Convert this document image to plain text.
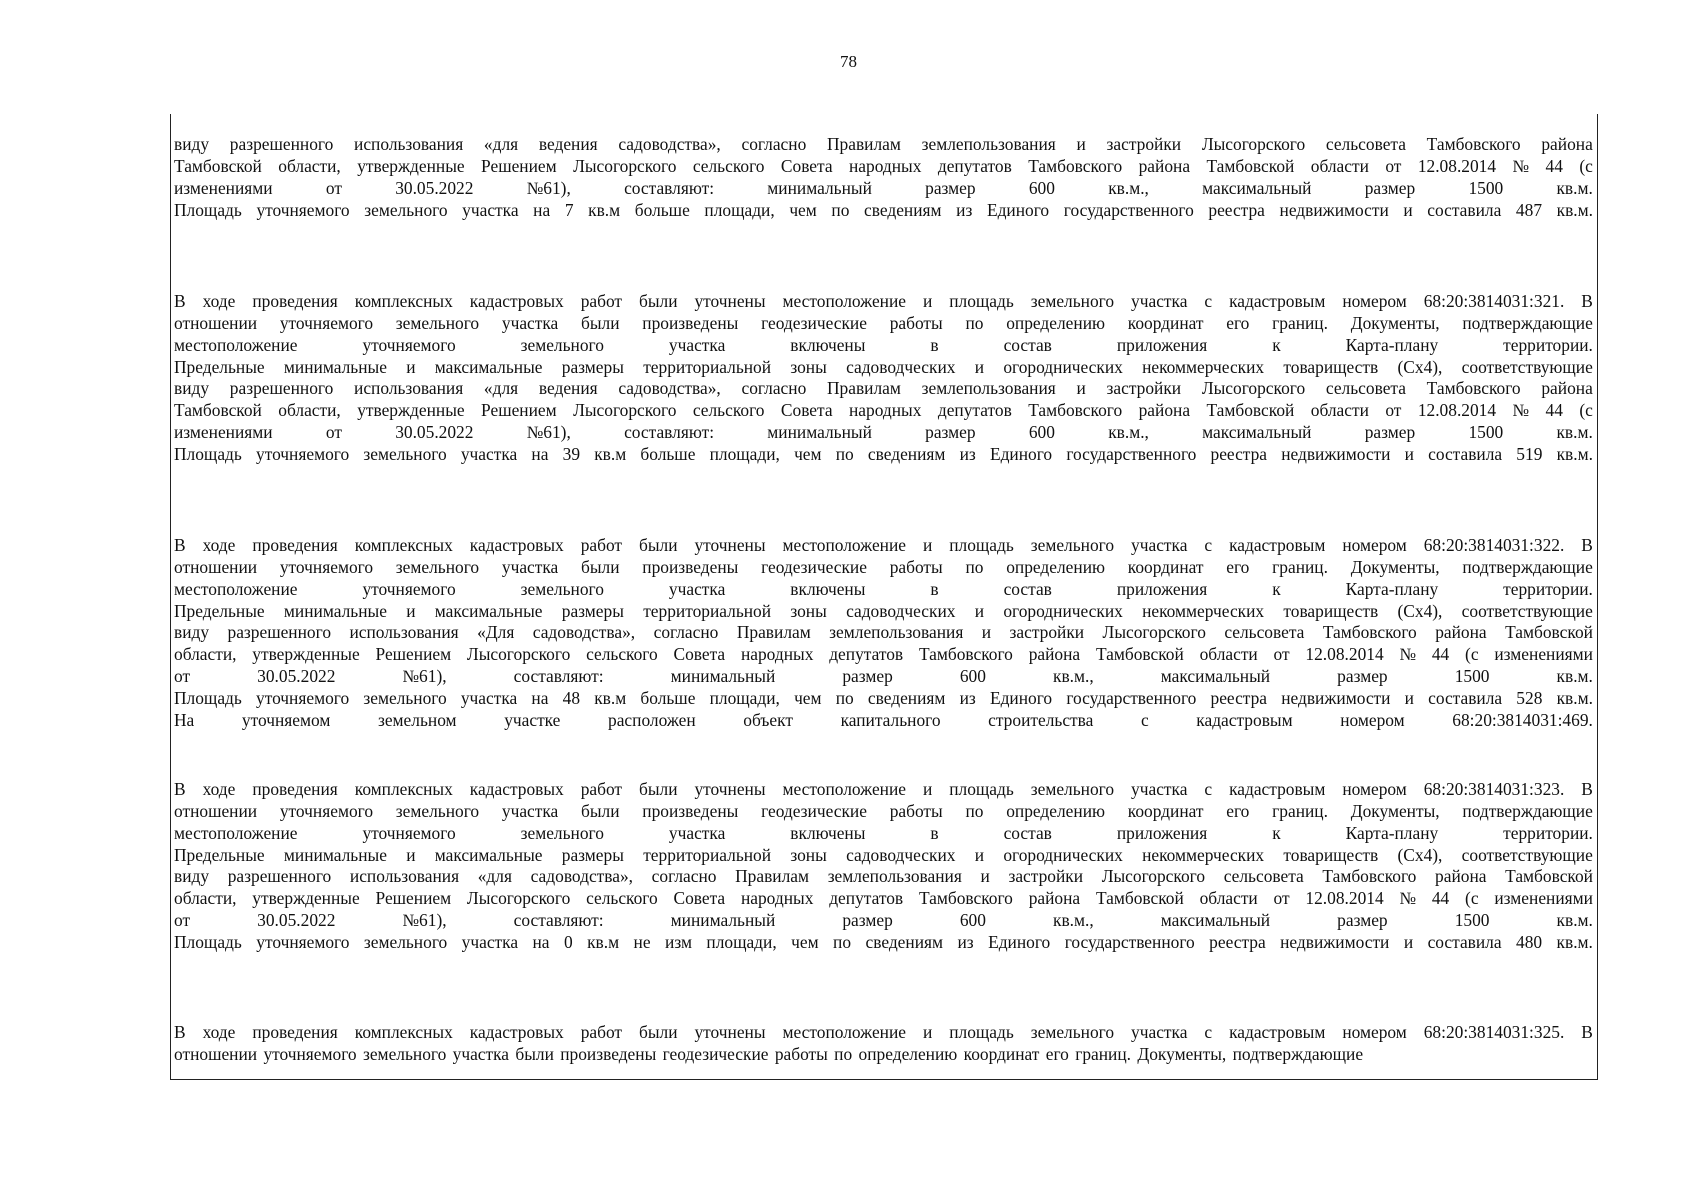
78
виду разрешенного использования «для ведения садоводства», согласно Правилам землепользования и застройки Лысогорского сельсовета Тамбовского района
Тамбовской области, утвержденные Решением Лысогорского сельского Совета народных депутатов Тамбовского района Тамбовской области от 12.08.2014 № 44 (с
изменениями	от	30.05.2022	№61),	составляют:	минимальный	размер	600	кв.м.,	максимальный	размер	1500	кв.м.
Площадь уточняемого земельного участка на 7 кв.м больше площади, чем по сведениям из Единого государственного реестра недвижимости и составила 487 кв.м.
В ходе проведения комплексных кадастровых работ были уточнены местоположение и площадь земельного участка с кадастровым номером 68:20:3814031:321. В
отношении уточняемого земельного участка были произведены геодезические работы по определению координат его границ. Документы, подтверждающие
местоположение	уточняемого	земельного	участка	включены	в	состав	приложения	к	Карта-плану	территории.
Предельные минимальные и максимальные размеры территориальной зоны садоводческих и огороднических некоммерческих товариществ (Сх4), соответствующие
виду разрешенного использования «для ведения садоводства», согласно Правилам землепользования и застройки Лысогорского сельсовета Тамбовского района
Тамбовской области, утвержденные Решением Лысогорского сельского Совета народных депутатов Тамбовского района Тамбовской области от 12.08.2014 № 44 (с
изменениями	от	30.05.2022	№61),	составляют:	минимальный	размер	600	кв.м.,	максимальный	размер	1500	кв.м.
Площадь уточняемого земельного участка на 39 кв.м больше площади, чем по сведениям из Единого государственного реестра недвижимости и составила 519 кв.м.
В ходе проведения комплексных кадастровых работ были уточнены местоположение и площадь земельного участка с кадастровым номером 68:20:3814031:322. В
отношении уточняемого земельного участка были произведены геодезические работы по определению координат его границ. Документы, подтверждающие
местоположение	уточняемого	земельного	участка	включены	в	состав	приложения	к	Карта-плану	территории.
Предельные минимальные и максимальные размеры территориальной зоны садоводческих и огороднических некоммерческих товариществ (Сх4), соответствующие
виду разрешенного использования «Для садоводства», согласно Правилам землепользования и застройки Лысогорского сельсовета Тамбовского района Тамбовской
области, утвержденные Решением Лысогорского сельского Совета народных депутатов Тамбовского района Тамбовской области от 12.08.2014 № 44 (с изменениями
от	30.05.2022	№61),	составляют:	минимальный	размер	600	кв.м.,	максимальный	размер	1500	кв.м.
Площадь уточняемого земельного участка на 48 кв.м больше площади, чем по сведениям из Единого государственного реестра недвижимости и составила 528 кв.м.
На	уточняемом	земельном	участке	расположен	объект	капитального	строительства	с	кадастровым	номером	68:20:3814031:469.
В ходе проведения комплексных кадастровых работ были уточнены местоположение и площадь земельного участка с кадастровым номером 68:20:3814031:323. В
отношении уточняемого земельного участка были произведены геодезические работы по определению координат его границ. Документы, подтверждающие
местоположение	уточняемого	земельного	участка	включены	в	состав	приложения	к	Карта-плану	территории.
Предельные минимальные и максимальные размеры территориальной зоны садоводческих и огороднических некоммерческих товариществ (Сх4), соответствующие
виду разрешенного использования «для садоводства», согласно Правилам землепользования и застройки Лысогорского сельсовета Тамбовского района Тамбовской
области, утвержденные Решением Лысогорского сельского Совета народных депутатов Тамбовского района Тамбовской области от 12.08.2014 № 44 (с изменениями
от	30.05.2022	№61),	составляют:	минимальный	размер	600	кв.м.,	максимальный	размер	1500	кв.м.
Площадь уточняемого земельного участка на 0 кв.м не изм площади, чем по сведениям из Единого государственного реестра недвижимости и составила 480 кв.м.
В ходе проведения комплексных кадастровых работ были уточнены местоположение и площадь земельного участка с кадастровым номером 68:20:3814031:325. В
отношении уточняемого земельного участка были произведены геодезические работы по определению координат его границ. Документы, подтверждающие
